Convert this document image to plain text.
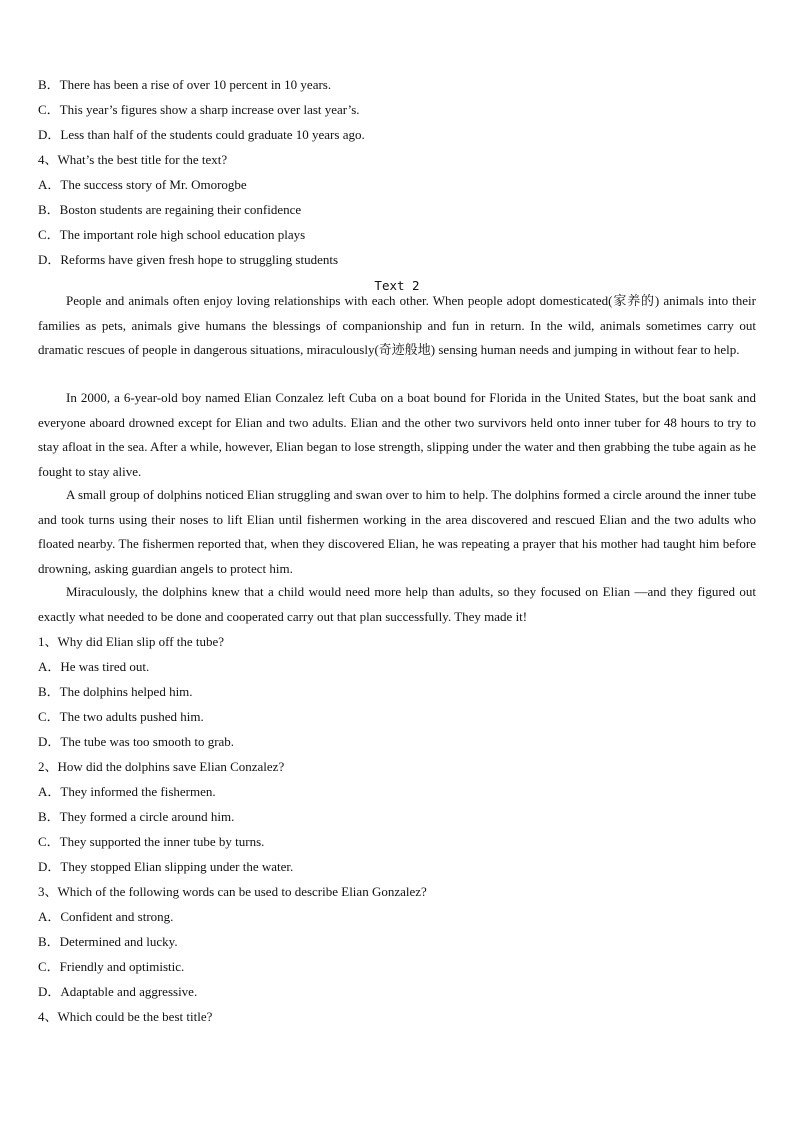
B．There has been a rise of over 10 percent in 10 years.
C．This year’s figures show a sharp increase over last year’s.
D．Less than half of the students could graduate 10 years ago.
4、What’s the best title for the text?
A．The success story of Mr. Omorogbe
B．Boston students are regaining their confidence
C．The important role high school education plays
D．Reforms have given fresh hope to struggling students
Text 2
People and animals often enjoy loving relationships with each other. When people adopt domesticated(家养的) animals into their families as pets, animals give humans the blessings of companionship and fun in return. In the wild, animals sometimes carry out dramatic rescues of people in dangerous situations, miraculously(奇迹般地) sensing human needs and jumping in without fear to help.
In 2000, a 6-year-old boy named Elian Conzalez left Cuba on a boat bound for Florida in the United States, but the boat sank and everyone aboard drowned except for Elian and two adults. Elian and the other two survivors held onto inner tuber for 48 hours to try to stay afloat in the sea. After a while, however, Elian began to lose strength, slipping under the water and then grabbing the tube again as he fought to stay alive.
A small group of dolphins noticed Elian struggling and swan over to him to help. The dolphins formed a circle around the inner tube and took turns using their noses to lift Elian until fishermen working in the area discovered and rescued Elian and the two adults who floated nearby. The fishermen reported that, when they discovered Elian, he was repeating a prayer that his mother had taught him before drowning, asking guardian angels to protect him.
Miraculously, the dolphins knew that a child would need more help than adults, so they focused on Elian —and they figured out exactly what needed to be done and cooperated carry out that plan successfully. They made it!
1、Why did Elian slip off the tube?
A．He was tired out.
B．The dolphins helped him.
C．The two adults pushed him.
D．The tube was too smooth to grab.
2、How did the dolphins save Elian Conzalez?
A．They informed the fishermen.
B．They formed a circle around him.
C．They supported the inner tube by turns.
D．They stopped Elian slipping under the water.
3、Which of the following words can be used to describe Elian Gonzalez?
A．Confident and strong.
B．Determined and lucky.
C．Friendly and optimistic.
D．Adaptable and aggressive.
4、Which could be the best title?
